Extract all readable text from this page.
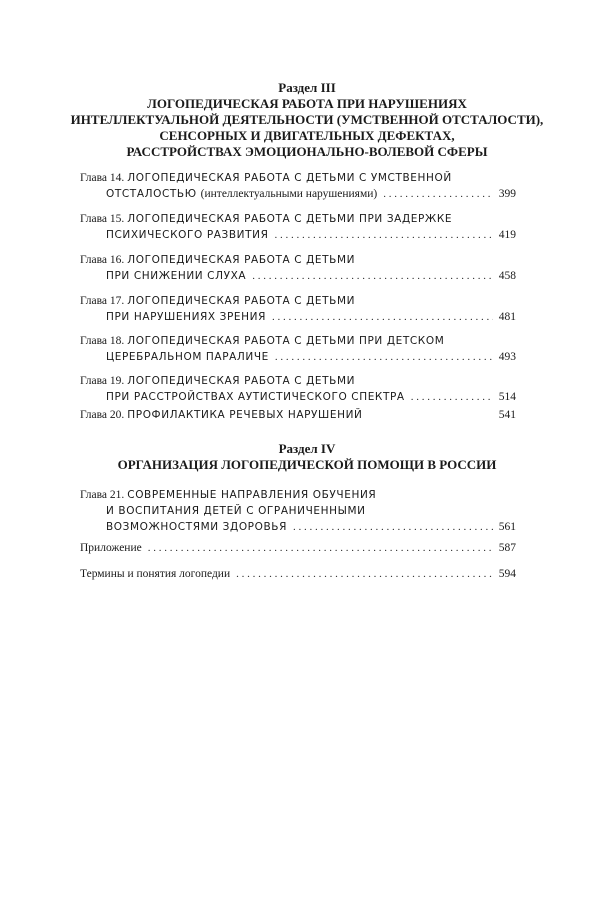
Раздел III
ЛОГОПЕДИЧЕСКАЯ РАБОТА ПРИ НАРУШЕНИЯХ
ИНТЕЛЛЕКТУАЛЬНОЙ ДЕЯТЕЛЬНОСТИ (УМСТВЕННОЙ ОТСТАЛОСТИ),
СЕНСОРНЫХ И ДВИГАТЕЛЬНЫХ ДЕФЕКТАХ,
РАССТРОЙСТВАХ ЭМОЦИОНАЛЬНО-ВОЛЕВОЙ СФЕРЫ
Глава 14. ЛОГОПЕДИЧЕСКАЯ РАБОТА С ДЕТЬМИ С УМСТВЕННОЙ
ОТСТАЛОСТЬЮ (интеллектуальными нарушениями) . . .	399
Глава 15. ЛОГОПЕДИЧЕСКАЯ РАБОТА С ДЕТЬМИ ПРИ ЗАДЕРЖКЕ
ПСИХИЧЕСКОГО РАЗВИТИЯ . . .	419
Глава 16. ЛОГОПЕДИЧЕСКАЯ РАБОТА С ДЕТЬМИ
ПРИ СНИЖЕНИИ СЛУХА . . .	458
Глава 17. ЛОГОПЕДИЧЕСКАЯ РАБОТА С ДЕТЬМИ
ПРИ НАРУШЕНИЯХ ЗРЕНИЯ . . .	481
Глава 18. ЛОГОПЕДИЧЕСКАЯ РАБОТА С ДЕТЬМИ ПРИ ДЕТСКОМ
ЦЕРЕБРАЛЬНОМ ПАРАЛИЧЕ . . .	493
Глава 19. ЛОГОПЕДИЧЕСКАЯ РАБОТА С ДЕТЬМИ
ПРИ РАССТРОЙСТВАХ АУТИСТИЧЕСКОГО СПЕКТРА . . .	514
Глава 20. ПРОФИЛАКТИКА РЕЧЕВЫХ НАРУШЕНИЙ	541
Раздел IV
ОРГАНИЗАЦИЯ ЛОГОПЕДИЧЕСКОЙ ПОМОЩИ В РОССИИ
Глава 21. СОВРЕМЕННЫЕ НАПРАВЛЕНИЯ ОБУЧЕНИЯ
И ВОСПИТАНИЯ ДЕТЕЙ С ОГРАНИЧЕННЫМИ
ВОЗМОЖНОСТЯМИ ЗДОРОВЬЯ . . .	561
Приложение . . .	587
Термины и понятия логопедии . . .	594
